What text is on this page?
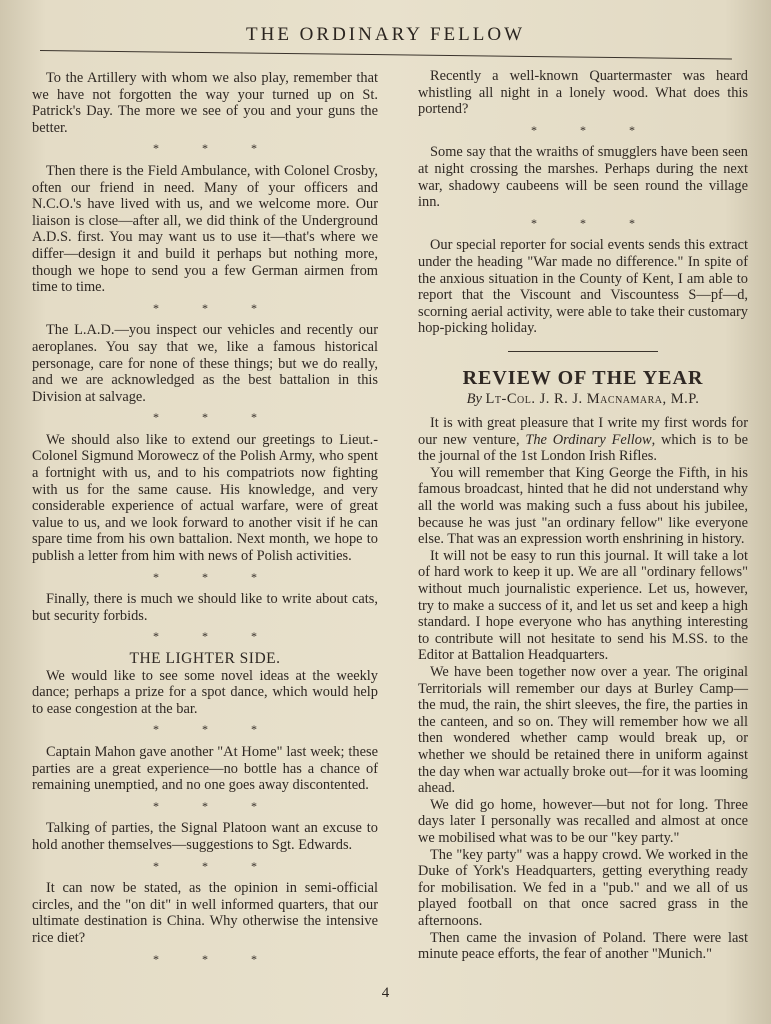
THE ORDINARY FELLOW

To the Artillery with whom we also play, remember that we have not forgotten the way your turned up on St. Patrick's Day. The more we see of you and your guns the better.

* * *

Then there is the Field Ambulance, with Colonel Crosby, often our friend in need. Many of your officers and N.C.O.'s have lived with us, and we welcome more. Our liaison is close—after all, we did think of the Underground A.D.S. first. You may want us to use it—that's where we differ—design it and build it perhaps but nothing more, though we hope to send you a few German airmen from time to time.

* * *

The L.A.D.—you inspect our vehicles and recently our aeroplanes. You say that we, like a famous historical personage, care for none of these things; but we do really, and we are acknowledged as the best battalion in this Division at salvage.

* * *

We should also like to extend our greetings to Lieut.-Colonel Sigmund Morowecz of the Polish Army, who spent a fortnight with us, and to his compatriots now fighting with us for the same cause. His knowledge, and very considerable experience of actual warfare, were of great value to us, and we look forward to another visit if he can spare time from his own battalion. Next month, we hope to publish a letter from him with news of Polish activities.

* * *

Finally, there is much we should like to write about cats, but security forbids.

* * *

THE LIGHTER SIDE.

We would like to see some novel ideas at the weekly dance; perhaps a prize for a spot dance, which would help to ease congestion at the bar.

* * *

Captain Mahon gave another "At Home" last week; these parties are a great experience—no bottle has a chance of remaining unemptied, and no one goes away discontented.

* * *

Talking of parties, the Signal Platoon want an excuse to hold another themselves—suggestions to Sgt. Edwards.

* * *

It can now be stated, as the opinion in semi-official circles, and the "on dit" in well informed quarters, that our ultimate destination is China. Why otherwise the intensive rice diet?

* * *

Recently a well-known Quartermaster was heard whistling all night in a lonely wood. What does this portend?

* * *

Some say that the wraiths of smugglers have been seen at night crossing the marshes. Perhaps during the next war, shadowy caubeens will be seen round the village inn.

* * *

Our special reporter for social events sends this extract under the heading "War made no difference." In spite of the anxious situation in the County of Kent, I am able to report that the Viscount and Viscountess S—pf—d, scorning aerial activity, were able to take their customary hop-picking holiday.

REVIEW OF THE YEAR
By Lt-Col. J. R. J. Macnamara, M.P.

It is with great pleasure that I write my first words for our new venture, The Ordinary Fellow, which is to be the journal of the 1st London Irish Rifles.

You will remember that King George the Fifth, in his famous broadcast, hinted that he did not understand why all the world was making such a fuss about his jubilee, because he was just "an ordinary fellow" like everyone else. That was an expression worth enshrining in history.

It will not be easy to run this journal. It will take a lot of hard work to keep it up. We are all "ordinary fellows" without much journalistic experience. Let us, however, try to make a success of it, and let us set and keep a high standard. I hope everyone who has anything interesting to contribute will not hesitate to send his M.SS. to the Editor at Battalion Headquarters.

We have been together now over a year. The original Territorials will remember our days at Burley Camp—the mud, the rain, the shirt sleeves, the fire, the parties in the canteen, and so on. They will remember how we all then wondered whether camp would break up, or whether we should be retained there in uniform against the day when war actually broke out—for it was looming ahead.

We did go home, however—but not for long. Three days later I personally was recalled and almost at once we mobilised what was to be our "key party."

The "key party" was a happy crowd. We worked in the Duke of York's Headquarters, getting everything ready for mobilisation. We fed in a "pub." and we all of us played football on that once sacred grass in the afternoons.

Then came the invasion of Poland. There were last minute peace efforts, the fear of another "Munich."

4
